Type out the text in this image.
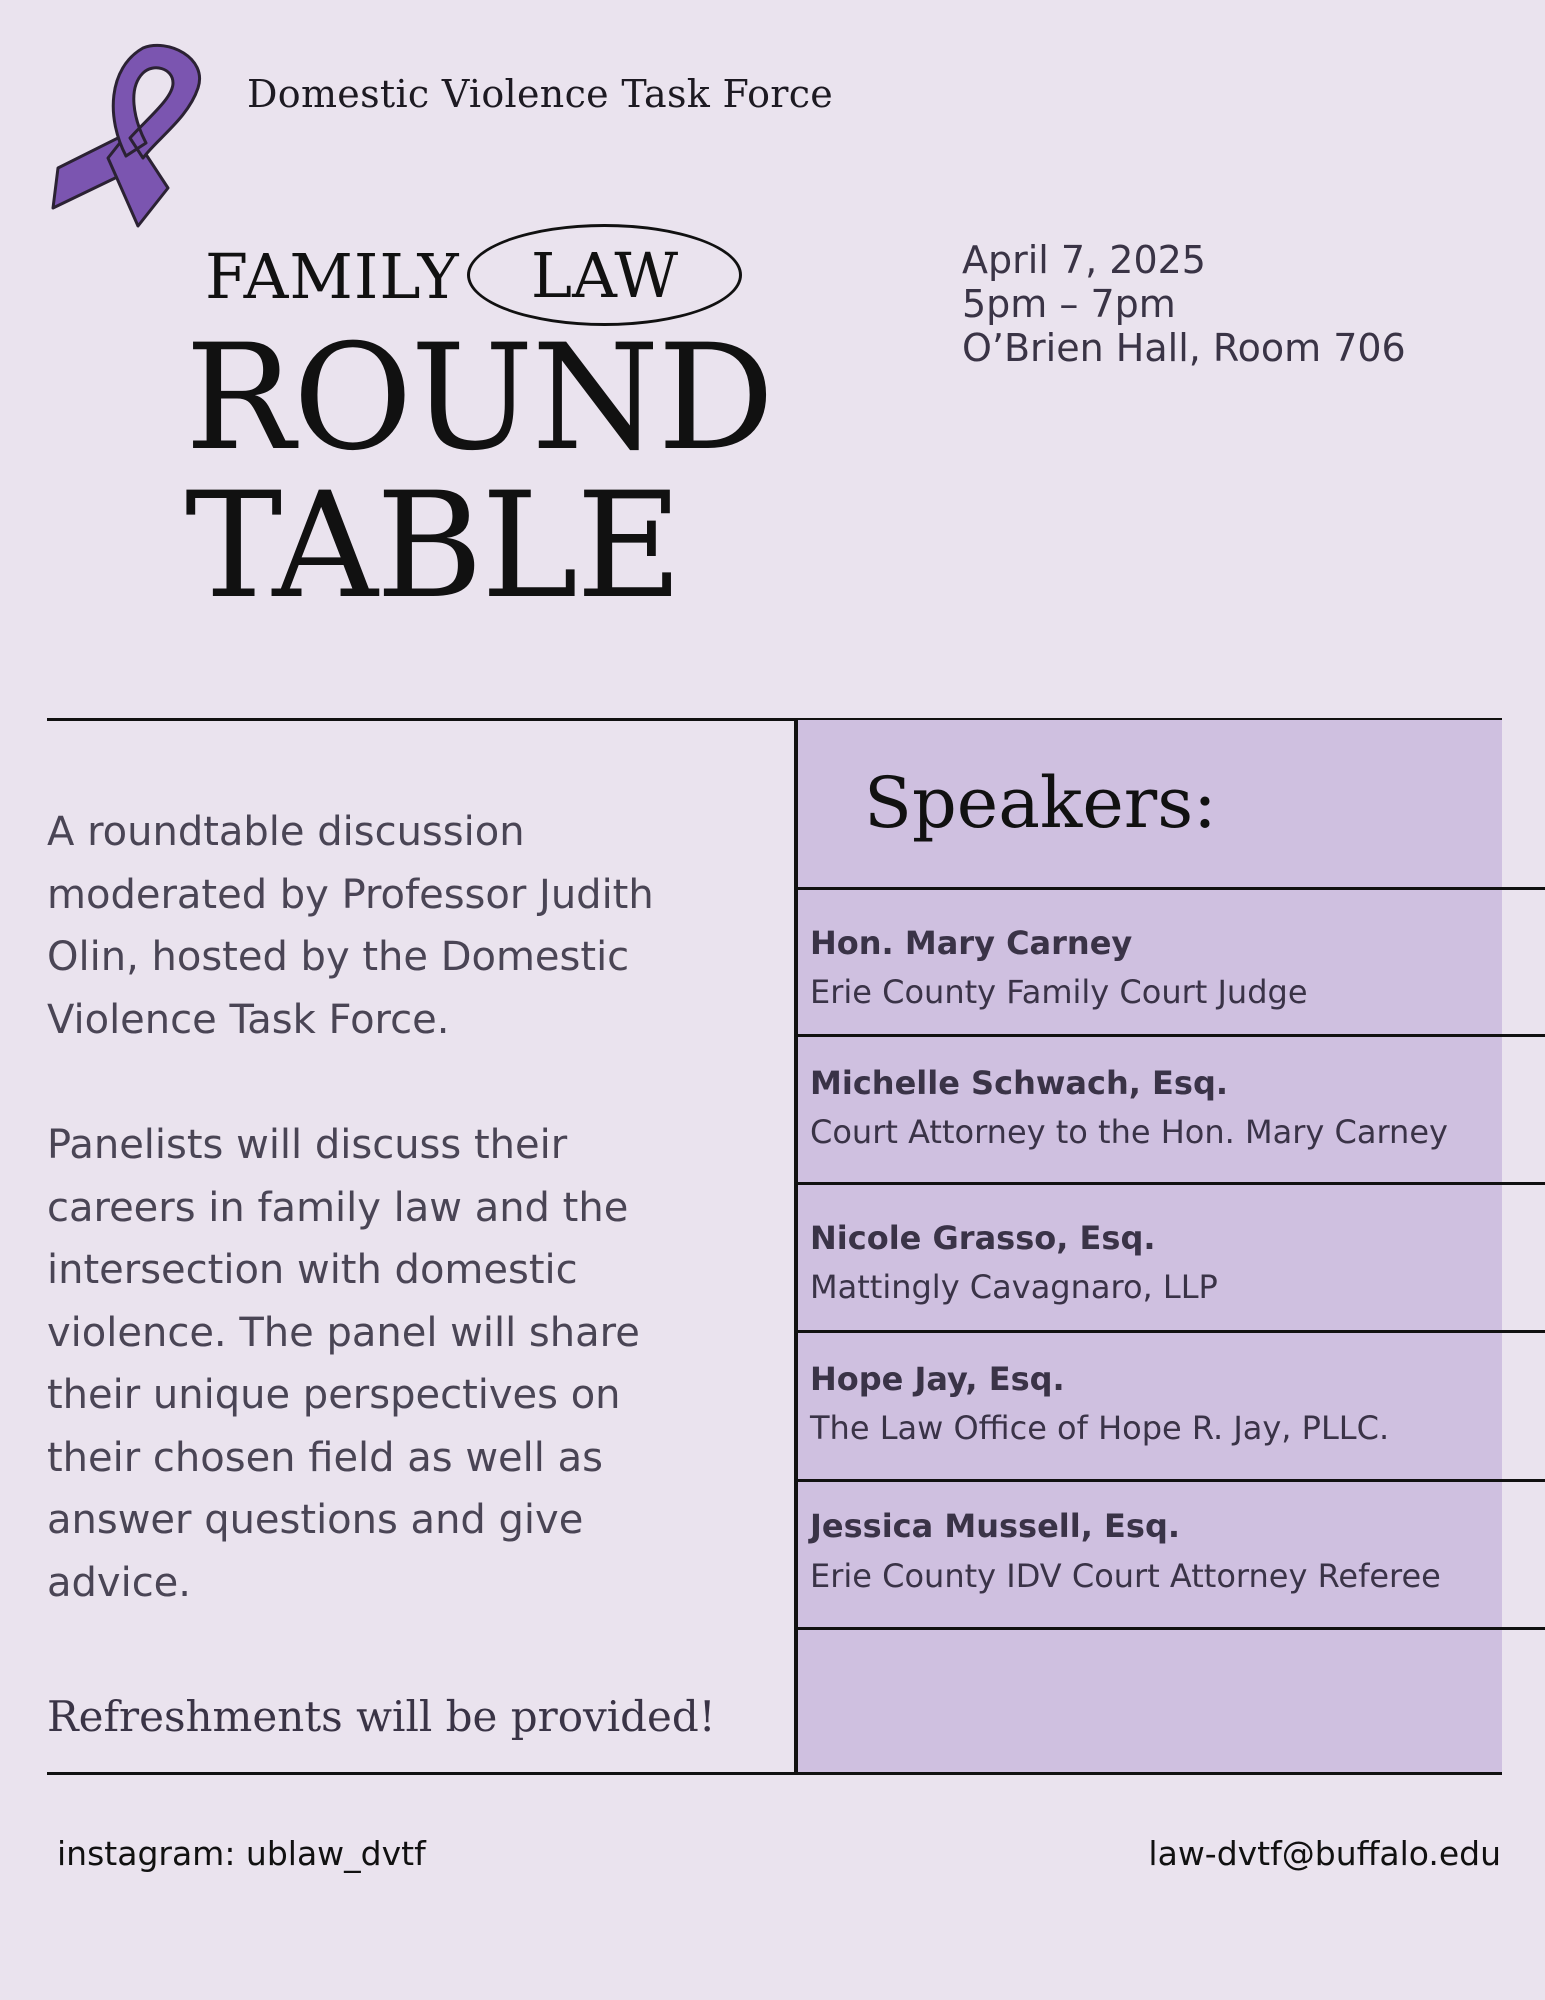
Domestic Violence Task Force
FAMILY LAW
ROUND
TABLE
April 7, 2025
5pm – 7pm
O’Brien Hall, Room 706
Speakers:
Hon. Mary Carney
Erie County Family Court Judge
Michelle Schwach, Esq.
Court Attorney to the Hon. Mary Carney
Nicole Grasso, Esq.
Mattingly Cavagnaro, LLP
Hope Jay, Esq.
The Law Office of Hope R. Jay, PLLC.
Jessica Mussell, Esq.
Erie County IDV Court Attorney Referee
A roundtable discussion
moderated by Professor Judith
Olin, hosted by the Domestic
Violence Task Force.
Panelists will discuss their
careers in family law and the
intersection with domestic
violence. The panel will share
their unique perspectives on
their chosen field as well as
answer questions and give
advice.
Refreshments will be provided!
instagram: ublaw_dvtf	law-dvtf@buffalo.edu
